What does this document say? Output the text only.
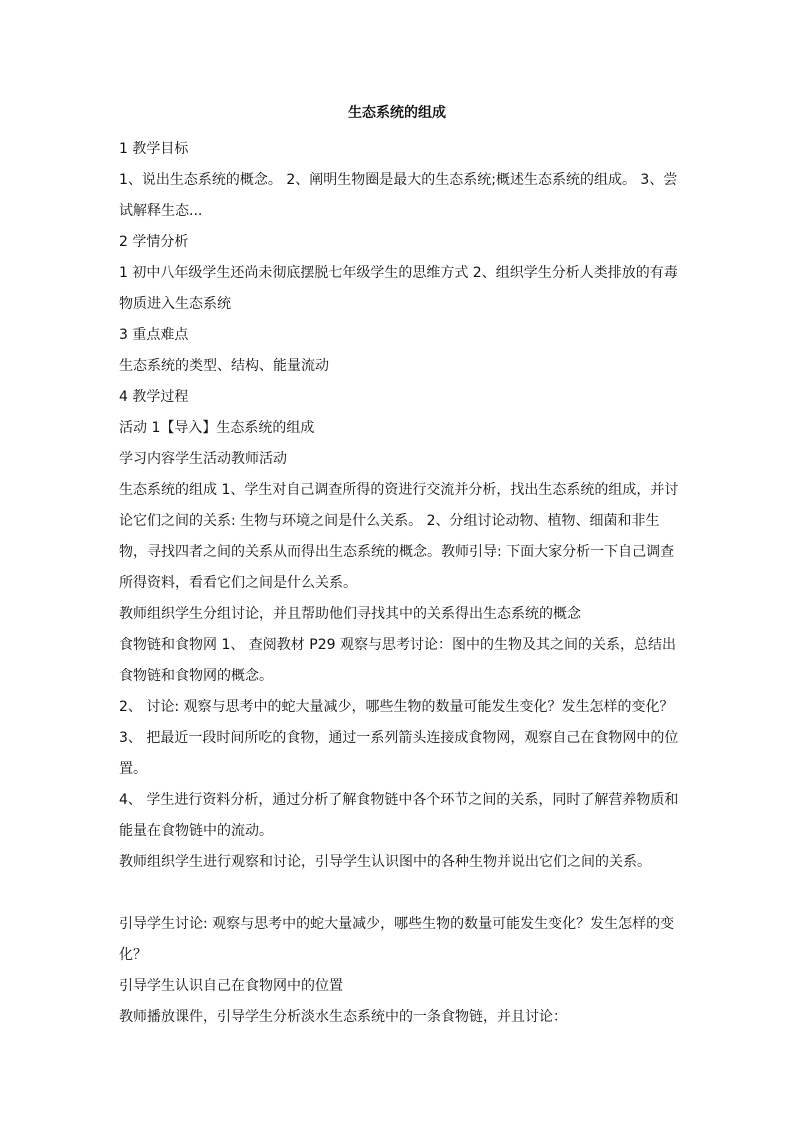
生态系统的组成

1 教学目标

1、说出生态系统的概念。 2、阐明生物圈是最大的生态系统;概述生态系统的组成。 3、尝试解释生态...

2 学情分析

1 初中八年级学生还尚未彻底摆脱七年级学生的思维方式 2、组织学生分析人类排放的有毒物质进入生态系统

3 重点难点

生态系统的类型、结构、能量流动

4 教学过程

活动 1【导入】生态系统的组成

学习内容学生活动教师活动

生态系统的组成 1、学生对自己调查所得的资进行交流并分析，找出生态系统的组成，并讨论它们之间的关系: 生物与环境之间是什么关系。 2、分组讨论动物、植物、细菌和非生物，寻找四者之间的关系从而得出生态系统的概念。教师引导: 下面大家分析一下自己调查所得资料，看看它们之间是什么关系。

教师组织学生分组讨论，并且帮助他们寻找其中的关系得出生态系统的概念

食物链和食物网 1、 查阅教材 P29 观察与思考讨论：图中的生物及其之间的关系，总结出食物链和食物网的概念。

2、 讨论: 观察与思考中的蛇大量减少，哪些生物的数量可能发生变化？发生怎样的变化？

3、 把最近一段时间所吃的食物，通过一系列箭头连接成食物网，观察自己在食物网中的位置。

4、 学生进行资料分析，通过分析了解食物链中各个环节之间的关系，同时了解营养物质和能量在食物链中的流动。

教师组织学生进行观察和讨论，引导学生认识图中的各种生物并说出它们之间的关系。

引导学生讨论: 观察与思考中的蛇大量减少，哪些生物的数量可能发生变化？发生怎样的变化？

引导学生认识自己在食物网中的位置

教师播放课件，引导学生分析淡水生态系统中的一条食物链，并且讨论：
